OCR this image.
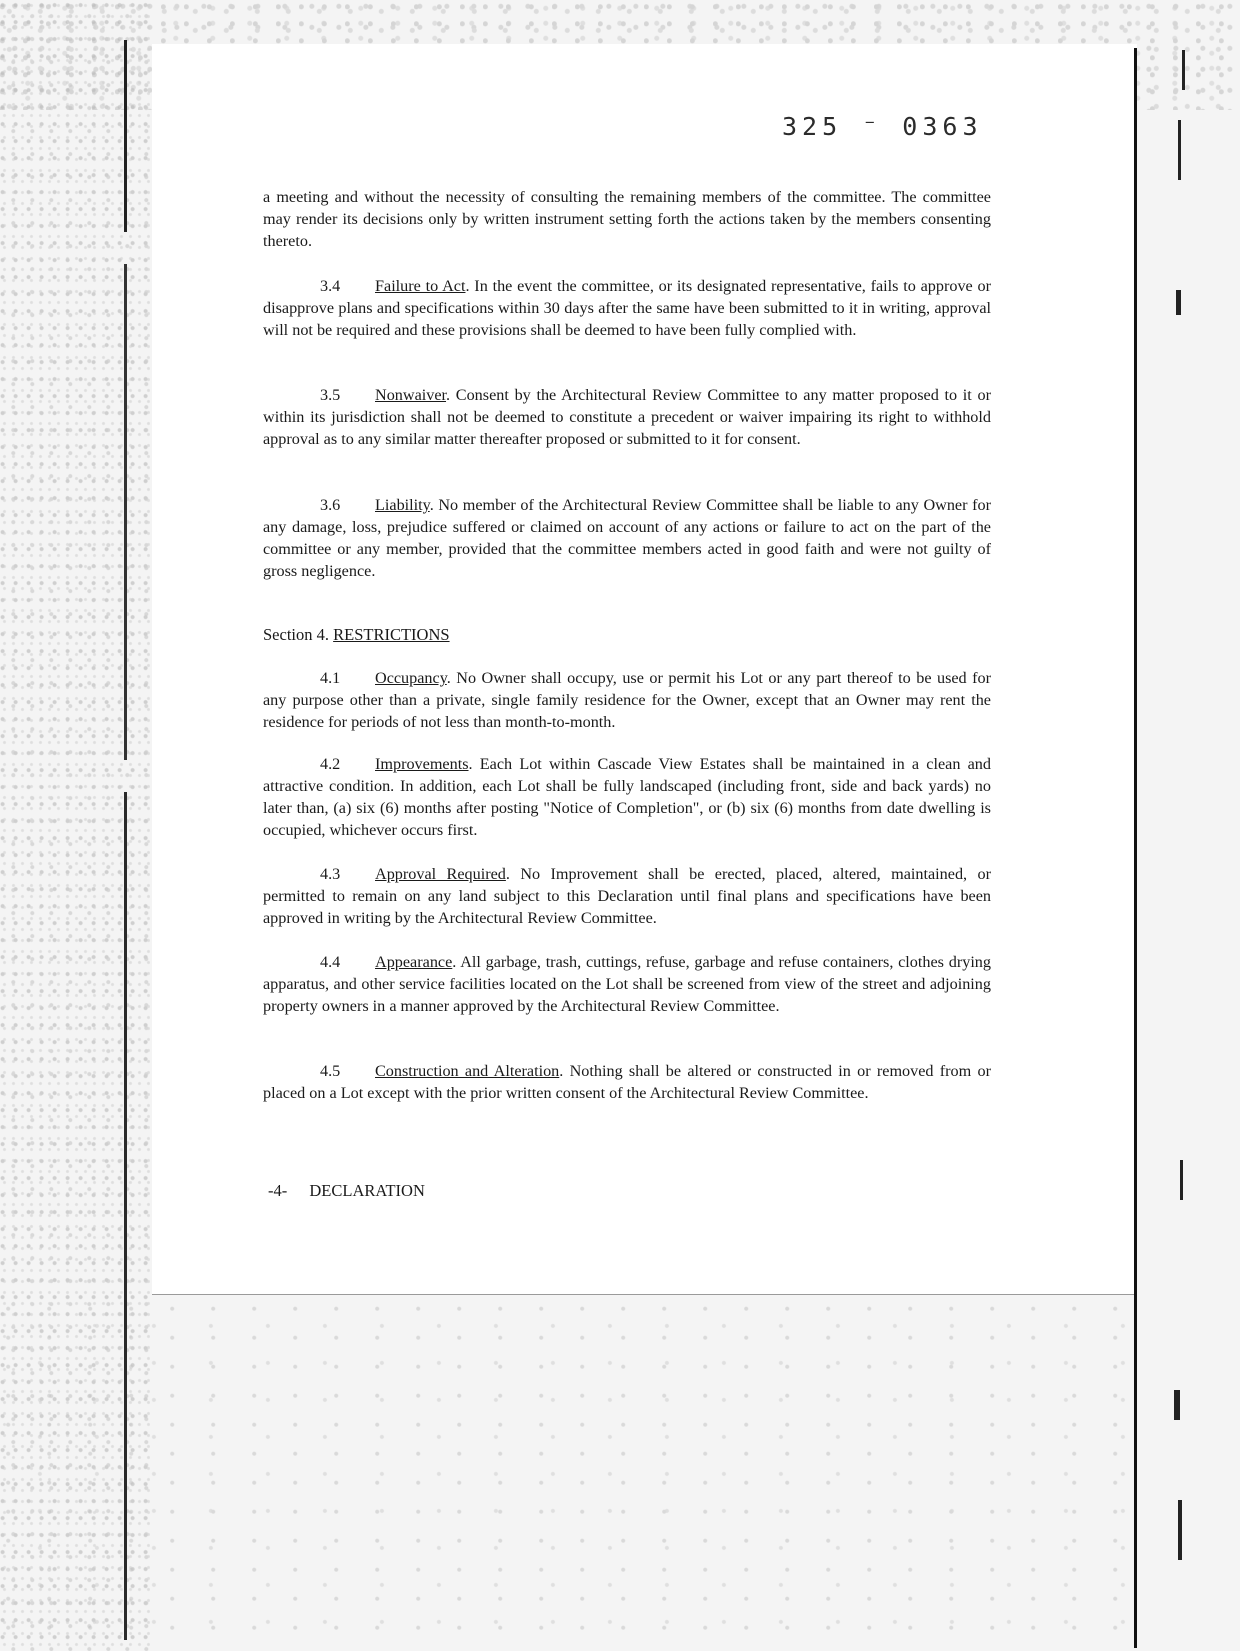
325 ⁻ 0363
a meeting and without the necessity of consulting the remaining members of the committee. The committee may render its decisions only by written instrument setting forth the actions taken by the members consenting thereto.
3.4 Failure to Act. In the event the committee, or its designated representative, fails to approve or disapprove plans and specifications within 30 days after the same have been submitted to it in writing, approval will not be required and these provisions shall be deemed to have been fully complied with.
3.5 Nonwaiver. Consent by the Architectural Review Committee to any matter proposed to it or within its jurisdiction shall not be deemed to constitute a precedent or waiver impairing its right to withhold approval as to any similar matter thereafter proposed or submitted to it for consent.
3.6 Liability. No member of the Architectural Review Committee shall be liable to any Owner for any damage, loss, prejudice suffered or claimed on account of any actions or failure to act on the part of the committee or any member, provided that the committee members acted in good faith and were not guilty of gross negligence.
Section 4. RESTRICTIONS
4.1 Occupancy. No Owner shall occupy, use or permit his Lot or any part thereof to be used for any purpose other than a private, single family residence for the Owner, except that an Owner may rent the residence for periods of not less than month-to-month.
4.2 Improvements. Each Lot within Cascade View Estates shall be maintained in a clean and attractive condition. In addition, each Lot shall be fully landscaped (including front, side and back yards) no later than, (a) six (6) months after posting "Notice of Completion", or (b) six (6) months from date dwelling is occupied, whichever occurs first.
4.3 Approval Required. No Improvement shall be erected, placed, altered, maintained, or permitted to remain on any land subject to this Declaration until final plans and specifications have been approved in writing by the Architectural Review Committee.
4.4 Appearance. All garbage, trash, cuttings, refuse, garbage and refuse containers, clothes drying apparatus, and other service facilities located on the Lot shall be screened from view of the street and adjoining property owners in a manner approved by the Architectural Review Committee.
4.5 Construction and Alteration. Nothing shall be altered or constructed in or removed from or placed on a Lot except with the prior written consent of the Architectural Review Committee.
-4- DECLARATION
